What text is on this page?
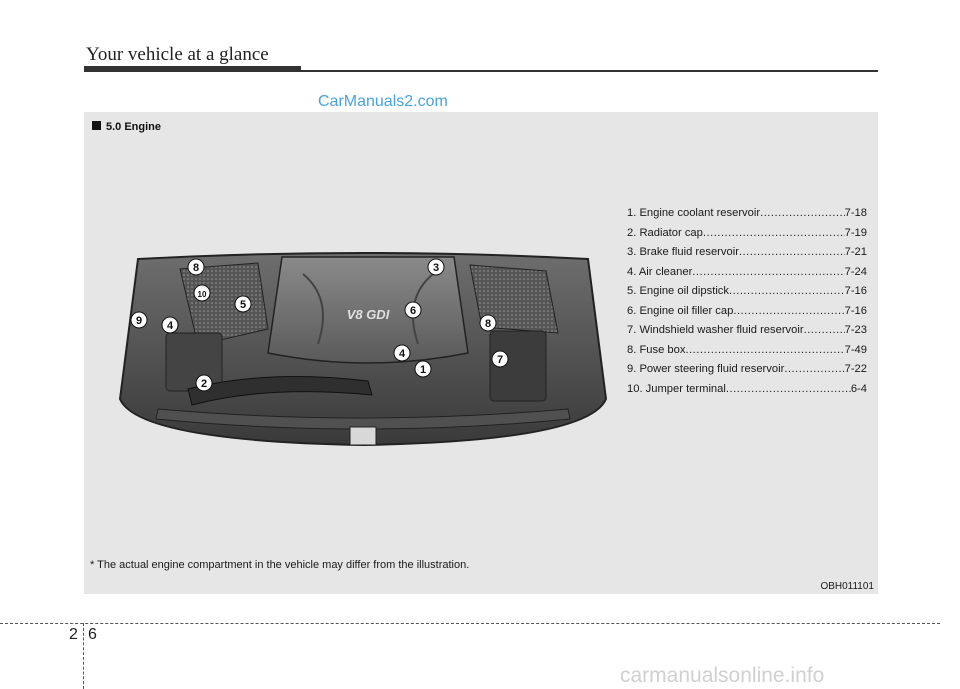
Your vehicle at a glance
CarManuals2.com
5.0 Engine
V8 GDI
1
2
3
4
4
5	6
7
8
8
9
10
1. Engine coolant reservoir .....	7-18
2. Radiator cap .....	7-19
3. Brake fluid reservoir .....	7-21
4. Air cleaner .....	7-24
5. Engine oil dipstick .....	7-16
6. Engine oil filler cap .....	7-16
7. Windshield washer fluid reservoir .....	7-23
8. Fuse box .....	7-49
9. Power steering fluid reservoir .....	7-22
10. Jumper terminal .....	6-4
* The actual engine compartment in the vehicle may differ from the illustration.
OBH011101
2 6
carmanualsonline.info
